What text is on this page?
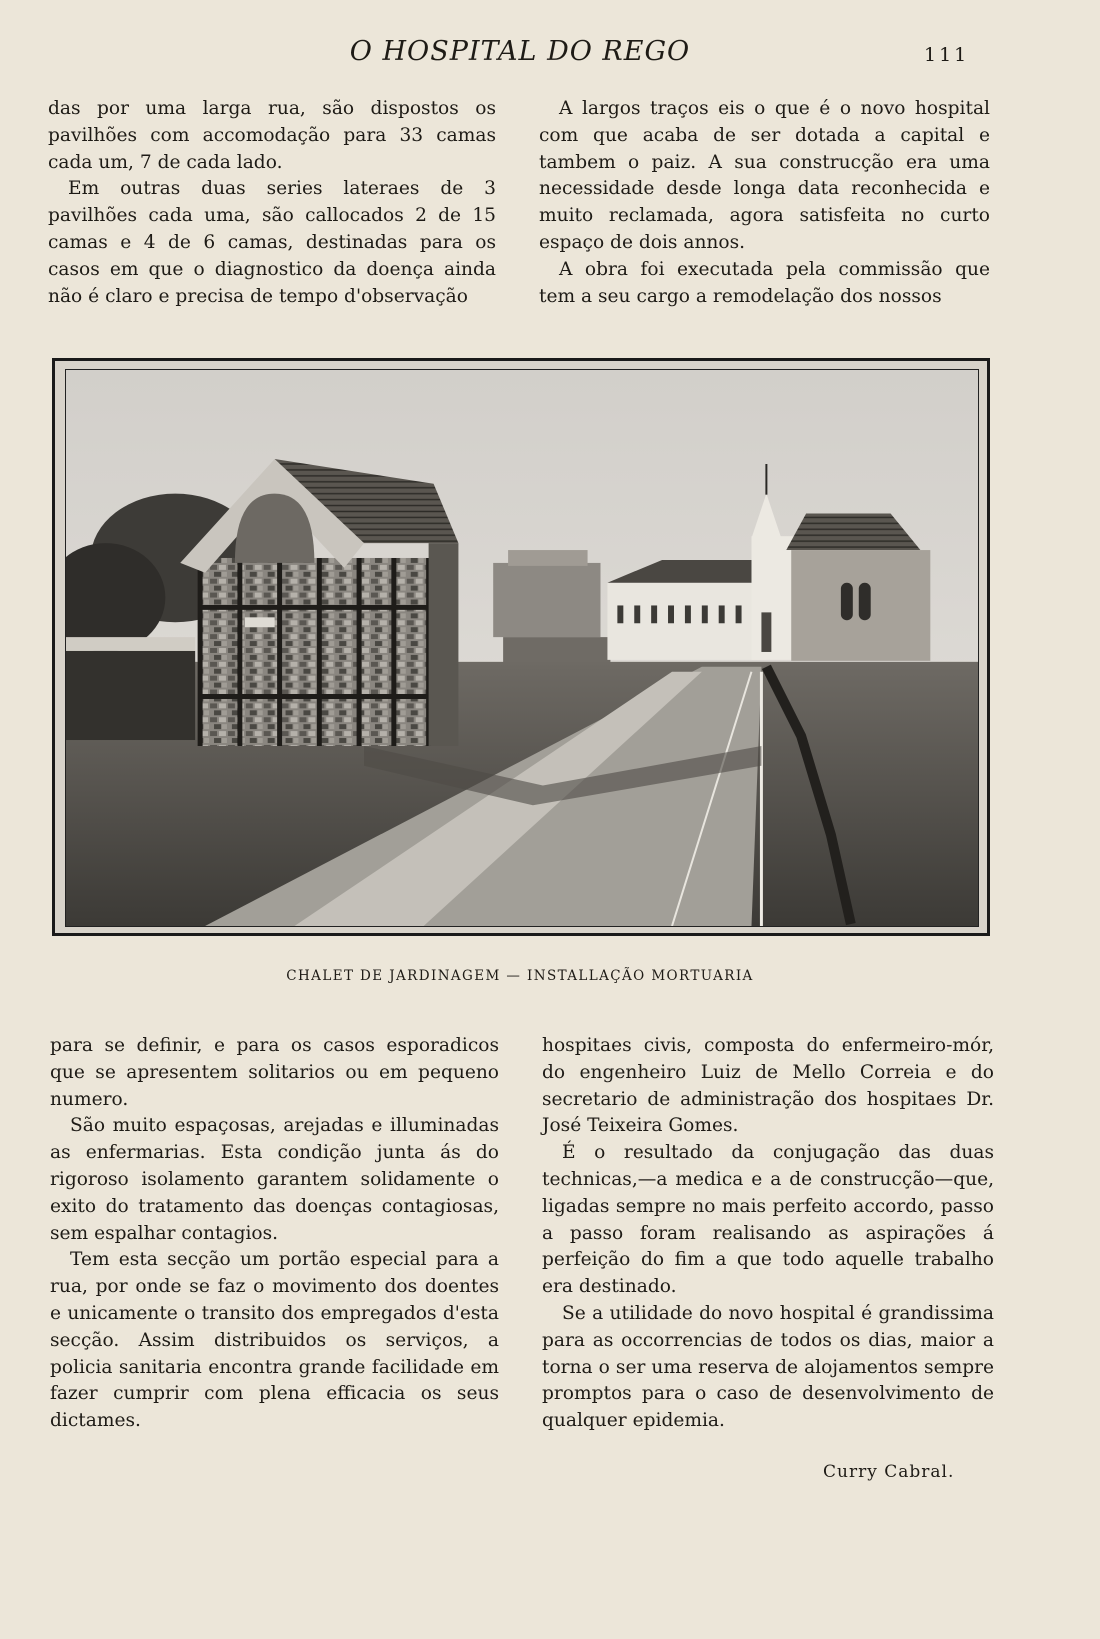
O HOSPITAL DO REGO	111

das por uma larga rua, são dispostos os pavilhões com accomodação para 33 camas cada um, 7 de cada lado.

Em outras duas series lateraes de 3 pavilhões cada uma, são callocados 2 de 15 camas e 4 de 6 camas, destinadas para os casos em que o diagnostico da doença ainda não é claro e precisa de tempo d'observação

A largos traços eis o que é o novo hospital com que acaba de ser dotada a capital e tambem o paiz. A sua construcção era uma necessidade desde longa data reconhecida e muito reclamada, agora satisfeita no curto espaço de dois annos.

A obra foi executada pela commissão que tem a seu cargo a remodelação dos nossos

CHALET DE JARDINAGEM — INSTALLAÇÃO MORTUARIA

para se definir, e para os casos esporadicos que se apresentem solitarios ou em pequeno numero.

São muito espaçosas, arejadas e illuminadas as enfermarias. Esta condição junta ás do rigoroso isolamento garantem solidamente o exito do tratamento das doenças contagiosas, sem espalhar contagios.

Tem esta secção um portão especial para a rua, por onde se faz o movimento dos doentes e unicamente o transito dos empregados d'esta secção. Assim distribuidos os serviços, a policia sanitaria encontra grande facilidade em fazer cumprir com plena efficacia os seus dictames.

hospitaes civis, composta do enfermeiro-mór, do engenheiro Luiz de Mello Correia e do secretario de administração dos hospitaes Dr. José Teixeira Gomes.

É o resultado da conjugação das duas technicas,—a medica e a de construcção—que, ligadas sempre no mais perfeito accordo, passo a passo foram realisando as aspirações á perfeição do fim a que todo aquelle trabalho era destinado.

Se a utilidade do novo hospital é grandissima para as occorrencias de todos os dias, maior a torna o ser uma reserva de alojamentos sempre promptos para o caso de desenvolvimento de qualquer epidemia.

Curry Cabral.
